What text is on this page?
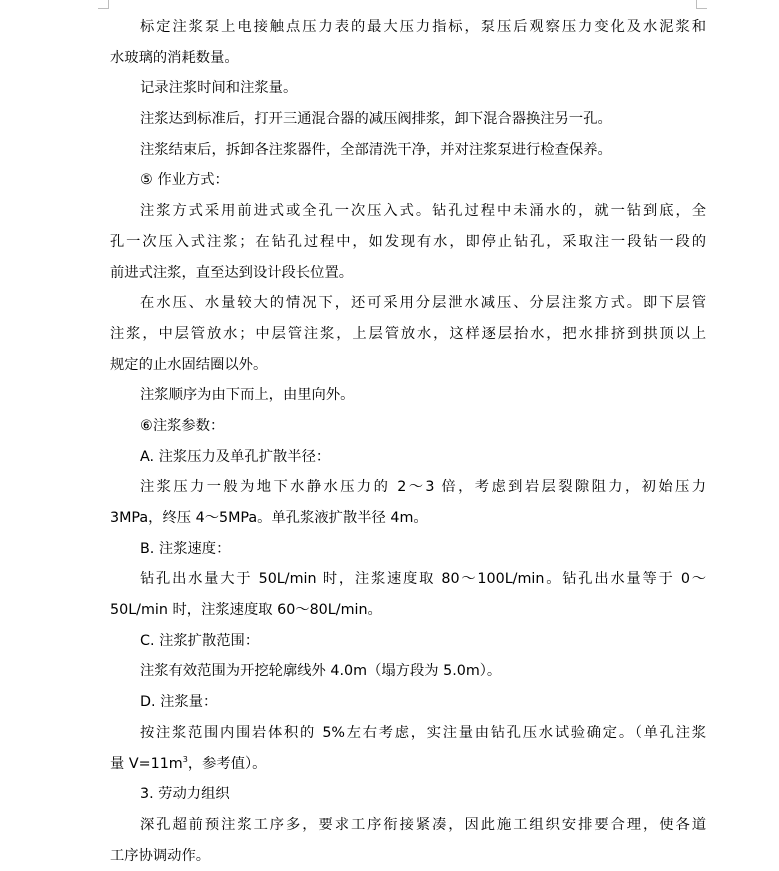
标定注浆泵上电接触点压力表的最大压力指标，泵压后观察压力变化及水泥浆和
水玻璃的消耗数量。
记录注浆时间和注浆量。
注浆达到标准后，打开三通混合器的减压阀排浆，卸下混合器换注另一孔。
注浆结束后，拆卸各注浆器件，全部清洗干净，并对注浆泵进行检查保养。
⑤ 作业方式：
注浆方式采用前进式或全孔一次压入式。钻孔过程中未涌水的，就一钻到底，全
孔一次压入式注浆；在钻孔过程中，如发现有水，即停止钻孔，采取注一段钻一段的
前进式注浆，直至达到设计段长位置。
在水压、水量较大的情况下，还可采用分层泄水减压、分层注浆方式。即下层管
注浆，中层管放水；中层管注浆，上层管放水，这样逐层抬水，把水排挤到拱顶以上
规定的止水固结圈以外。
注浆顺序为由下而上，由里向外。
⑥注浆参数：
A. 注浆压力及单孔扩散半径：
注浆压力一般为地下水静水压力的 2～3 倍，考虑到岩层裂隙阻力，初始压力
3MPa，终压 4～5MPa。单孔浆液扩散半径 4m。
B. 注浆速度：
钻孔出水量大于 50L/min 时，注浆速度取 80～100L/min。钻孔出水量等于 0～
50L/min 时，注浆速度取 60～80L/min。
C. 注浆扩散范围：
注浆有效范围为开挖轮廓线外 4.0m（塌方段为 5.0m）。
D. 注浆量：
按注浆范围内围岩体积的 5%左右考虑，实注量由钻孔压水试验确定。（单孔注浆
量 $V=11m^3$，参考值）。
3. 劳动力组织
深孔超前预注浆工序多，要求工序衔接紧凑，因此施工组织安排要合理，使各道
工序协调动作。
